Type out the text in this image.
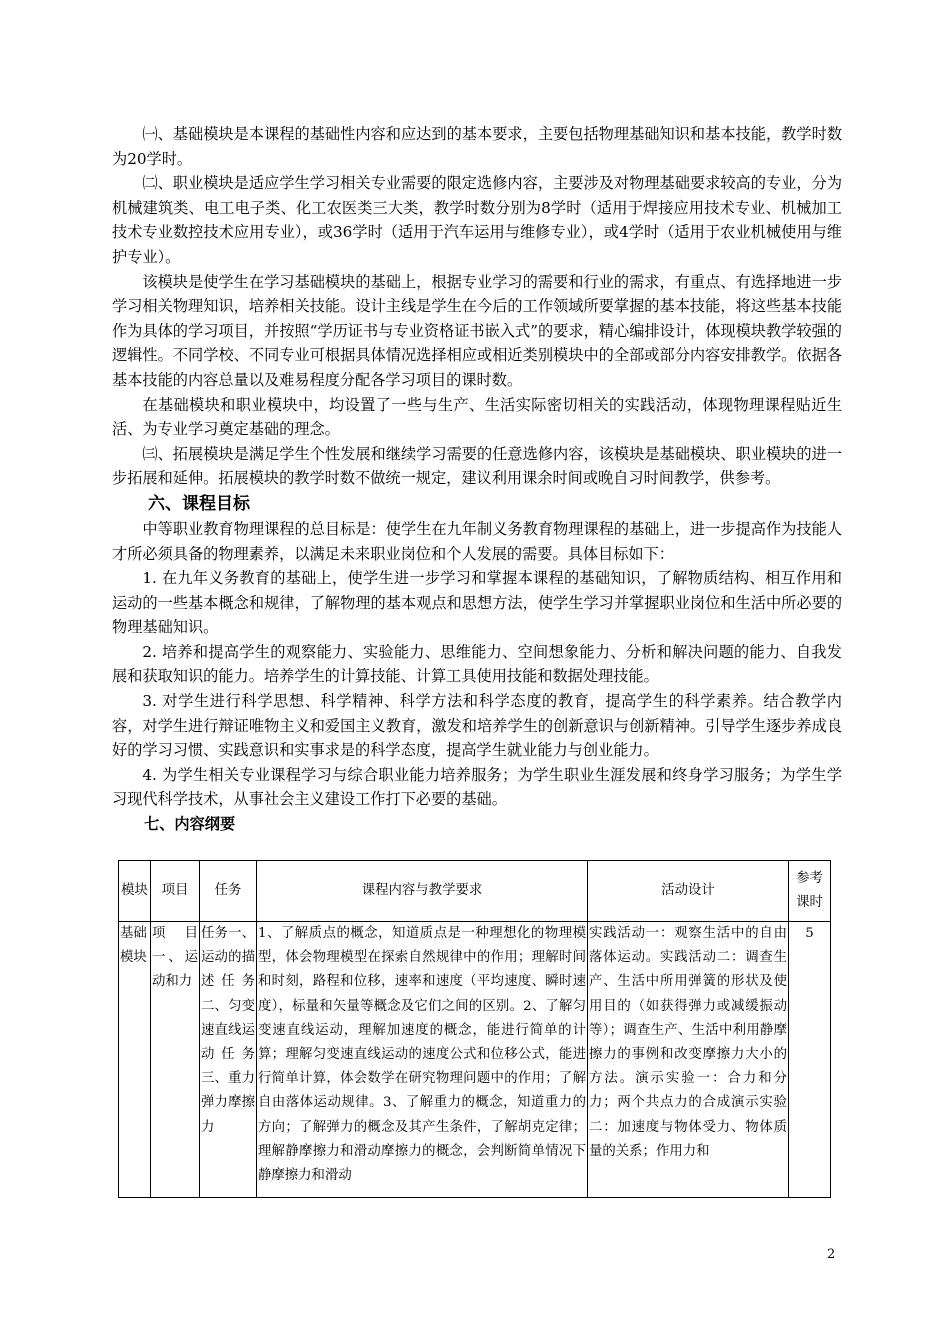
㈠、基础模块是本课程的基础性内容和应达到的基本要求，主要包括物理基础知识和基本技能，教学时数为20学时。

㈡、职业模块是适应学生学习相关专业需要的限定选修内容，主要涉及对物理基础要求较高的专业，分为机械建筑类、电工电子类、化工农医类三大类，教学时数分别为8学时（适用于焊接应用技术专业、机械加工技术专业数控技术应用专业），或36学时（适用于汽车运用与维修专业），或4学时（适用于农业机械使用与维护专业）。

该模块是使学生在学习基础模块的基础上，根据专业学习的需要和行业的需求，有重点、有选择地进一步学习相关物理知识，培养相关技能。设计主线是学生在今后的工作领域所要掌握的基本技能，将这些基本技能作为具体的学习项目，并按照“学历证书与专业资格证书嵌入式”的要求，精心编排设计，体现模块教学较强的逻辑性。不同学校、不同专业可根据具体情况选择相应或相近类别模块中的全部或部分内容安排教学。依据各基本技能的内容总量以及难易程度分配各学习项目的课时数。

在基础模块和职业模块中，均设置了一些与生产、生活实际密切相关的实践活动，体现物理课程贴近生活、为专业学习奠定基础的理念。

㈢、拓展模块是满足学生个性发展和继续学习需要的任意选修内容，该模块是基础模块、职业模块的进一步拓展和延伸。拓展模块的教学时数不做统一规定，建议利用课余时间或晚自习时间教学，供参考。

六、课程目标

中等职业教育物理课程的总目标是：使学生在九年制义务教育物理课程的基础上，进一步提高作为技能人才所必须具备的物理素养，以满足未来职业岗位和个人发展的需要。具体目标如下：

1. 在九年义务教育的基础上，使学生进一步学习和掌握本课程的基础知识，了解物质结构、相互作用和运动的一些基本概念和规律，了解物理的基本观点和思想方法，使学生学习并掌握职业岗位和生活中所必要的物理基础知识。

2. 培养和提高学生的观察能力、实验能力、思维能力、空间想象能力、分析和解决问题的能力、自我发展和获取知识的能力。培养学生的计算技能、计算工具使用技能和数据处理技能。

3. 对学生进行科学思想、科学精神、科学方法和科学态度的教育，提高学生的科学素养。结合教学内容，对学生进行辩证唯物主义和爱国主义教育，激发和培养学生的创新意识与创新精神。引导学生逐步养成良好的学习习惯、实践意识和实事求是的科学态度，提高学生就业能力与创业能力。

4. 为学生相关专业课程学习与综合职业能力培养服务；为学生职业生涯发展和终身学习服务；为学生学习现代科学技术，从事社会主义建设工作打下必要的基础。

七、内容纲要
模块	项目	任务	课程内容与教学要求	活动设计	参考课时
基础模块	项目一、运动和力	任务一、运动的描述任务二、匀变速直线运动任务三、重力弹力摩擦力	1、了解质点的概念，知道质点是一种理想化的物理模型，体会物理模型在探索自然规律中的作用；理解时间和时刻，路程和位移，速率和速度（平均速度、瞬时速度），标量和矢量等概念及它们之间的区别。2、了解匀变速直线运动，理解加速度的概念，能进行简单的计算；理解匀变速直线运动的速度公式和位移公式，能进行简单计算，体会数学在研究物理问题中的作用；了解自由落体运动规律。3、了解重力的概念，知道重力的方向；了解弹力的概念及其产生条件，了解胡克定律；理解静摩擦力和滑动摩擦力的概念，会判断简单情况下静摩擦力和滑动	实践活动一：观察生活中的自由落体运动。实践活动二：调查生产、生活中所用弹簧的形状及使用目的（如获得弹力或减缓振动等）；调查生产、生活中利用静摩擦力的事例和改变摩擦力大小的方法。演示实验一：合力和分力；两个共点力的合成演示实验二：加速度与物体受力、物体质量的关系；作用力和	5
2
